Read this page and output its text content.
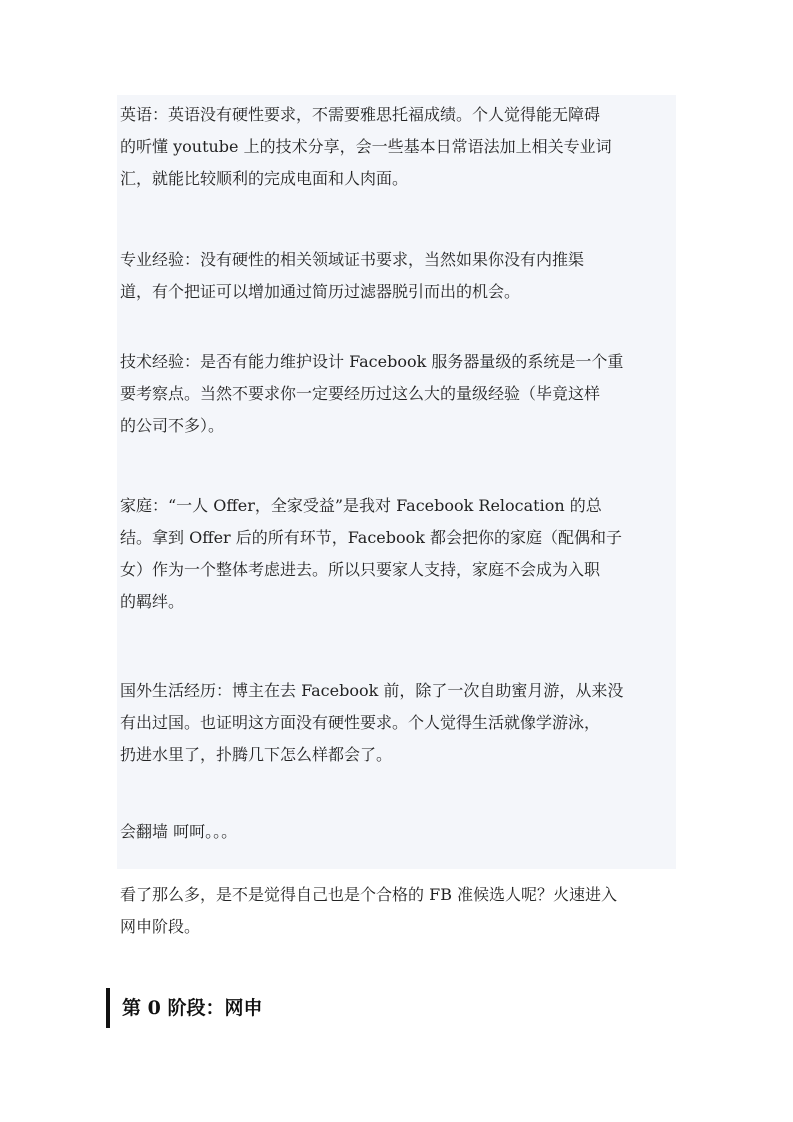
英语：英语没有硬性要求，不需要雅思托福成绩。个人觉得能无障碍
的听懂 youtube 上的技术分享，会一些基本日常语法加上相关专业词
汇，就能比较顺利的完成电面和人肉面。

专业经验：没有硬性的相关领域证书要求，当然如果你没有内推渠
道，有个把证可以增加通过简历过滤器脱引而出的机会。

技术经验：是否有能力维护设计 Facebook 服务器量级的系统是一个重
要考察点。当然不要求你一定要经历过这么大的量级经验（毕竟这样
的公司不多）。

家庭：“一人 Offer，全家受益”是我对 Facebook Relocation 的总
结。拿到 Offer 后的所有环节，Facebook 都会把你的家庭（配偶和子
女）作为一个整体考虑进去。所以只要家人支持，家庭不会成为入职
的羁绊。

国外生活经历：博主在去 Facebook 前，除了一次自助蜜月游，从来没
有出过国。也证明这方面没有硬性要求。个人觉得生活就像学游泳，
扔进水里了，扑腾几下怎么样都会了。

会翻墙 呵呵。。。

看了那么多，是不是觉得自己也是个合格的 FB 准候选人呢？火速进入
网申阶段。

第 0 阶段：网申
